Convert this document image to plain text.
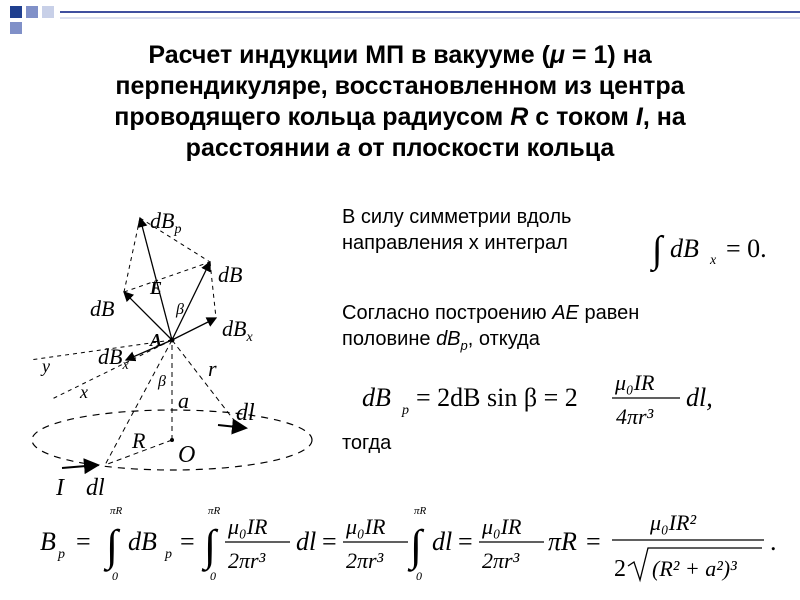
Расчет индукции МП в вакууме (μ = 1) на
перпендикуляре, восстановленном из центра
проводящего кольца радиусом R с током I, на
расстоянии a от плоскости кольца
$dB_p$
E
dB
dB	β
$dB_x$
A
$dB_x$
y
x
β
r
a dl
R
O
I dl
В силу симметрии вдоль
направления x интеграл ∫ dB x = 0.
Согласно построению AE равен
половине $dB_p$, откуда
dB p = 2dB sin β = 2
μ₀IR
4πr³
dl,
тогда
B p =
πR
∫
0
dB p =
πR
∫
0
μ₀IR
2πr³
dl =
μ₀IR
2πr³
πR
∫
0
dl =
μ₀IR
2πr³
πR =
μ₀IR²
2 (R² + a²)³
.
